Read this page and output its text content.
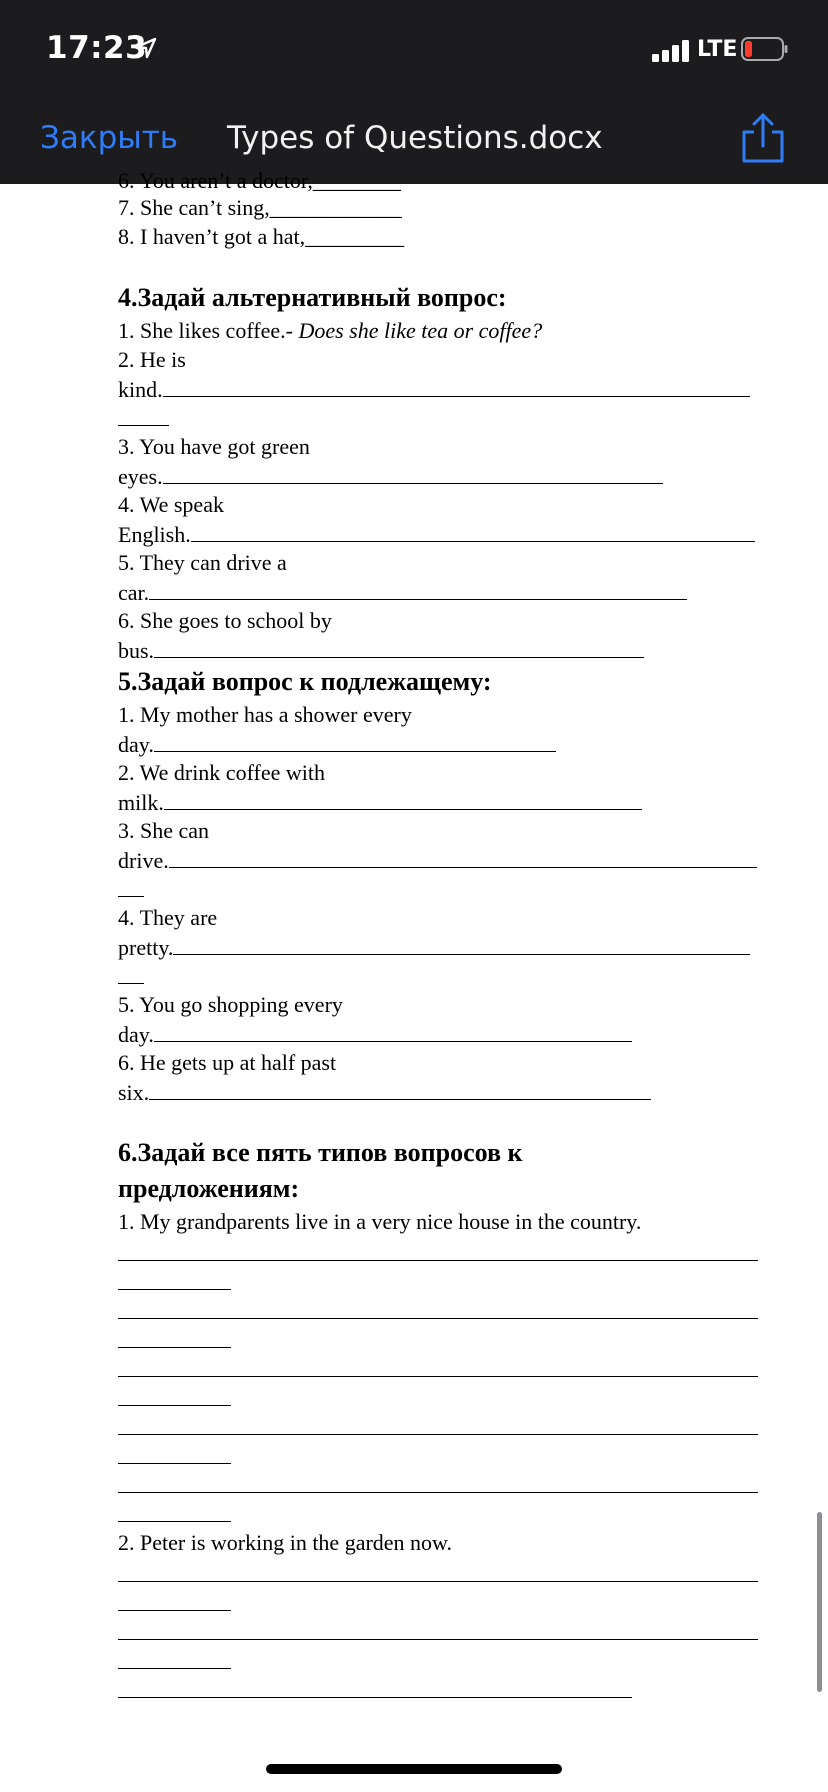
17:23	LTE
Закрыть Types of Questions.docx
6. You aren’t a doctor,________
7. She can’t sing,____________
8. I haven’t got a hat,_________
4.Задай альтернативный вопрос:
1. She likes coffee.- Does she like tea or coffee?
2. He is
kind.
3. You have got green
eyes.
4. We speak
English.
5. They can drive a
car.
6. She goes to school by
bus.
5.Задай вопрос к подлежащему:
1. My mother has a shower every
day.
2. We drink coffee with
milk.
3. She can
drive.
4. They are
pretty.
5. You go shopping every
day.
6. He gets up at half past
six.
6.Задай все пять типов вопросов к
предложениям:
1. My grandparents live in a very nice house in the country.
2. Peter is working in the garden now.
